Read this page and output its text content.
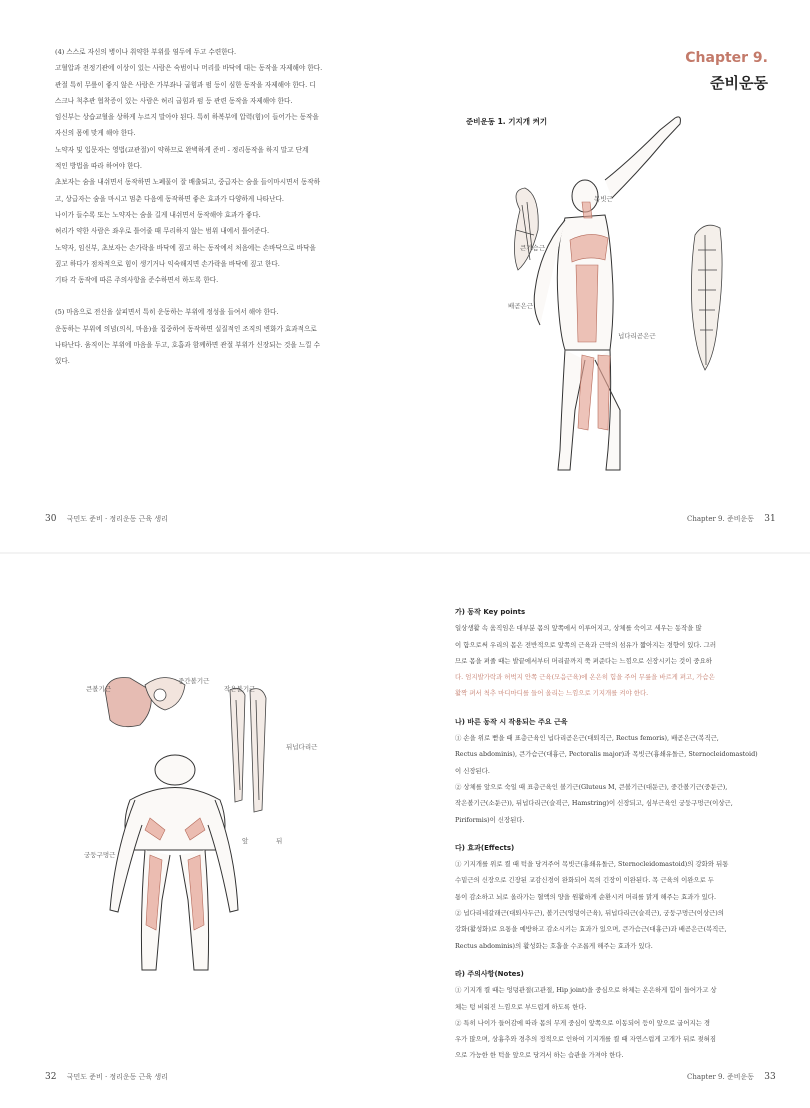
(4) 스스로 자신의 병이나 취약한 부위를 염두에 두고 수련한다.

고혈압과 전정기관에 이상이 있는 사람은 숙범이나 머리를 바닥에 대는 동작을 자제해야 한다.

관절 특히 무릎이 좋지 않은 사람은 가부좌나 굽힘과 펌 등이 심한 동작을 자제해야 한다. 디

스크나 척추관 협착증이 있는 사람은 허리 굽힘과 펌 등 관련 동작을 자제해야 한다.

임신부는 상습교혈을 상하게 누르지 말아야 된다. 특히 하복부에 압력(힘)이 들어가는 동작을

자신의 몸에 맞게 해야 한다.

노약자 및 입문자는 영법(교관절)이 약하므로 완벽하게 준비 - 정리동작을 하지 말고 단계

적인 방법을 따라 하여야 한다.

초보자는 숨을 내쉬면서 동작하면 노폐물이 잘 배출되고, 중급자는 숨을 들이마시면서 동작하

고, 상급자는 숨을 마시고 멈춘 다음에 동작하면 좋은 효과가 다양하게 나타난다.

나이가 들수록 또는 노약자는 숨을 길게 내쉬면서 동작해야 효과가 좋다.

허리가 약한 사람은 좌우로 틀어줄 때 무리하지 않는 범위 내에서 틀어준다.

노약자, 임신부, 초보자는 손가락을 바닥에 짚고 하는 동작에서 처음에는 손바닥으로 바닥을

짚고 하다가 점차적으로 힘이 생기거나 익숙해지면 손가락을 바닥에 짚고 한다.

기타 각 동작에 따른 주의사항을 준수하면서 하도록 한다.

(5) 마음으로 전신을 살피면서 특히 운동하는 부위에 정성을 들여서 해야 한다.

운동하는 부위에 의념(의식, 마음)을 집중하여 동작하면 실질적인 조직의 변화가 효과적으로

나타난다. 움직이는 부위에 마음을 두고, 호흡과 함께하면 관절 부위가 신장되는 것을 느낄 수

있다.

30 국민도 준비 · 정리운동 근육 생리
Chapter 9.
준비운동
준비운동 1. 기지개 켜기
목빗근
큰가슴근
배곧은근
넙다리곧은근
Chapter 9. 준비운동 31
큰볼기근
중간볼기근
작은볼기근
뒤넙다리근
궁둥구멍근
앞	뒤
32 국민도 준비 · 정리운동 근육 생리

가) 동작 Key points

일상생활 속 움직임은 대부분 몸의 앞쪽에서 이루어지고, 상체를 숙이고 세우는 동작을 많

이 함으로써 우리의 몸은 전반적으로 앞쪽의 근육과 근막의 섬유가 짧아지는 경향이 있다. 그러

므로 몸을 펴줄 때는 발끝에서부터 머리끝까지 쭉 펴준다는 느낌으로 신장시키는 것이 중요하

다. 엄지발가락과 허벅지 안쪽 근육(모음근육)에 온은히 힘을 주어 무릎을 바르게 펴고, 가슴은

활짝 펴서 척추 마디마디를 들어 올리는 느낌으로 기지개를 켜야 한다.

나) 바른 동작 시 작용되는 주요 근육

① 손을 위로 뻗을 때 표층근육인 넙다리곧은근(대퇴직근, Rectus femoris), 배곧은근(복직근,

Rectus abdominis), 큰가슴근(대흉근, Pectoralis major)과 목빗근(흉쇄유돌근, Sternocleidomastoid)

이 신장된다.

② 상체를 앞으로 숙일 때 표층근육인 볼기근(Gluteus M, 큰볼기근(대둔근), 중간볼기근(중둔근),

작은볼기근(소둔근)), 뒤넙다리근(슬괵근, Hamstring)이 신장되고, 심부근육인 궁둥구멍근(이상근,

Piriformis)이 신장된다.

다) 효과(Effects)

① 기지개를 위로 켤 때 턱을 당겨주어 목빗근(흉쇄유돌근, Sternocleidomastoid)의 강화와 뒤통

수밑근의 신장으로 긴장된 교감신경이 완화되어 목의 긴장이 이완된다. 목 근육의 이완으로 두

통이 감소하고 뇌로 올라가는 혈액의 양을 원활하게 순환시켜 머리를 맑게 해주는 효과가 있다.

② 넙다리네갈래근(대퇴사두근), 볼기근(엉덩이근육), 뒤넙다리근(슬괵근), 궁둥구멍근(이상근)의

강화(활성화)로 요통을 예방하고 감소시키는 효과가 있으며, 큰가슴근(대흉근)과 배곧은근(복직근,

Rectus abdominis)의 활성화는 호흡을 수조롭게 해주는 효과가 있다.

라) 주의사항(Notes)

① 기지개 켤 때는 엉덩관절(고관절, Hip joint)을 중심으로 하체는 온은하게 힘이 들어가고 상

체는 텅 비워진 느낌으로 부드럽게 하도록 한다.

② 특히 나이가 들어감에 따라 몸의 무게 중심이 앞쪽으로 이동되어 등이 앞으로 굽어지는 경

우가 많으며, 상흉추와 경추의 정적으로 인하여 기지개를 켤 때 자연스럽게 고개가 뒤로 젖혀짐

으로 가능한 한 턱을 앞으로 당겨서 하는 습관을 가져야 한다.

Chapter 9. 준비운동 33
